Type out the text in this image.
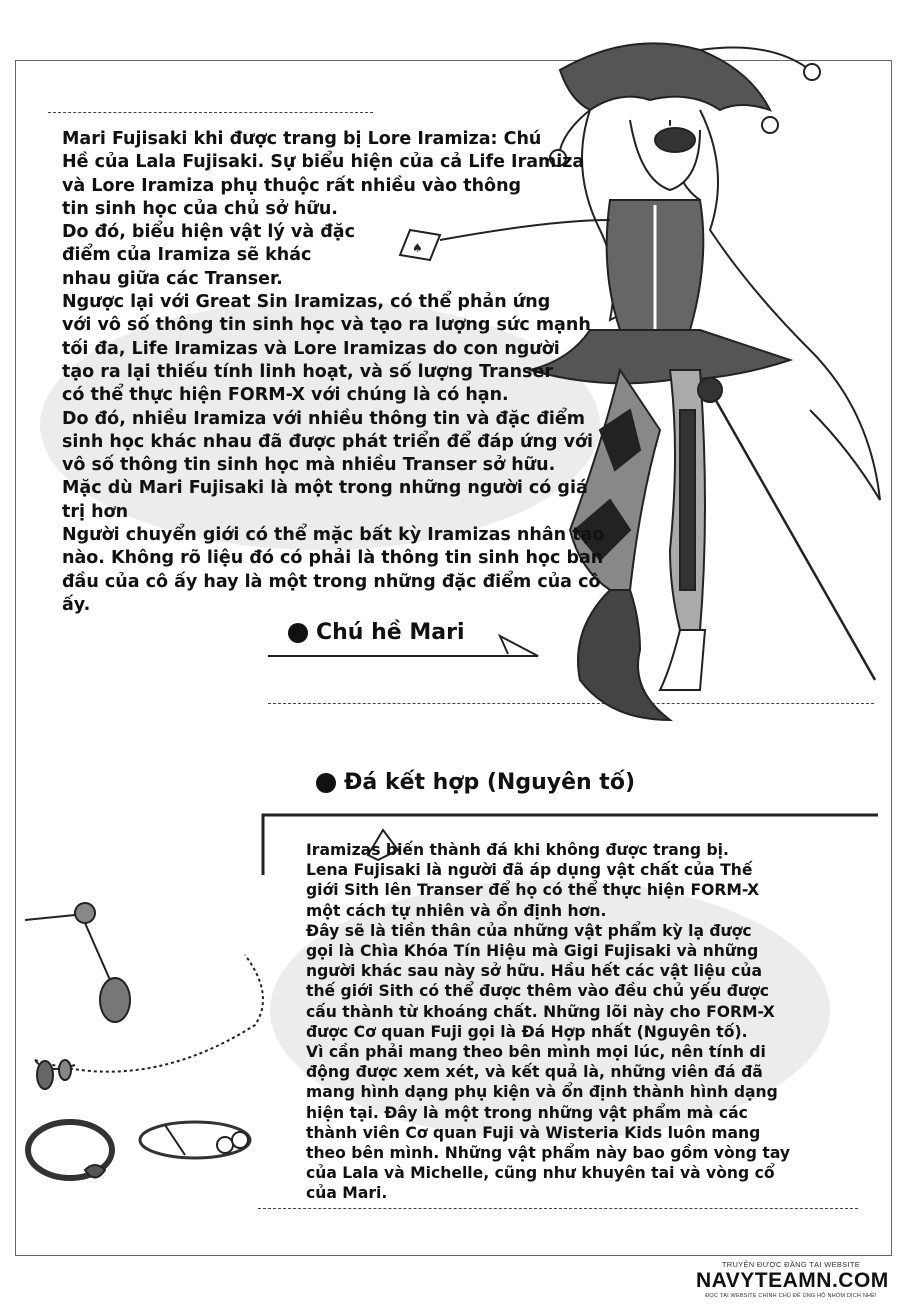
♠

Mari Fujisaki khi được trang bị Lore Iramiza: Chú
Hề của Lala Fujisaki. Sự biểu hiện của cả Life Iramiza
và Lore Iramiza phụ thuộc rất nhiều vào thông
tin sinh học của chủ sở hữu.
Do đó, biểu hiện vật lý và đặc
điểm của Iramiza sẽ khác
nhau giữa các Transer.
Ngược lại với Great Sin Iramizas, có thể phản ứng
với vô số thông tin sinh học và tạo ra lượng sức mạnh
tối đa, Life Iramizas và Lore Iramizas do con người
tạo ra lại thiếu tính linh hoạt, và số lượng Transer
có thể thực hiện FORM-X với chúng là có hạn.
Do đó, nhiều Iramiza với nhiều thông tin và đặc điểm
sinh học khác nhau đã được phát triển để đáp ứng với
vô số thông tin sinh học mà nhiều Transer sở hữu.
Mặc dù Mari Fujisaki là một trong những người có giá
trị hơn
Người chuyển giới có thể mặc bất kỳ Iramizas nhân tạo
nào. Không rõ liệu đó có phải là thông tin sinh học ban
đầu của cô ấy hay là một trong những đặc điểm của cô ấy.

Chú hề Mari
Đá kết hợp (Nguyên tố)

Iramizas biến thành đá khi không được trang bị.
Lena Fujisaki là người đã áp dụng vật chất của Thế
giới Sith lên Transer để họ có thể thực hiện FORM-X
một cách tự nhiên và ổn định hơn.
Đây sẽ là tiền thân của những vật phẩm kỳ lạ được
gọi là Chìa Khóa Tín Hiệu mà Gigi Fujisaki và những
người khác sau này sở hữu. Hầu hết các vật liệu của
thế giới Sith có thể được thêm vào đều chủ yếu được
cấu thành từ khoáng chất. Những lõi này cho FORM-X
được Cơ quan Fuji gọi là Đá Hợp nhất (Nguyên tố).
Vì cần phải mang theo bên mình mọi lúc, nên tính di
động được xem xét, và kết quả là, những viên đá đã
mang hình dạng phụ kiện và ổn định thành hình dạng
hiện tại. Đây là một trong những vật phẩm mà các
thành viên Cơ quan Fuji và Wisteria Kids luôn mang
theo bên mình. Những vật phẩm này bao gồm vòng tay
của Lala và Michelle, cũng như khuyên tai và vòng cổ của Mari.

TRUYỆN ĐƯỢC ĐĂNG TẠI WEBSITE
NAVYTEAMN.COM
ĐỌC TẠI WEBSITE CHÍNH CHỦ ĐỂ ỦNG HỘ NHÓM DỊCH NHÉ!
